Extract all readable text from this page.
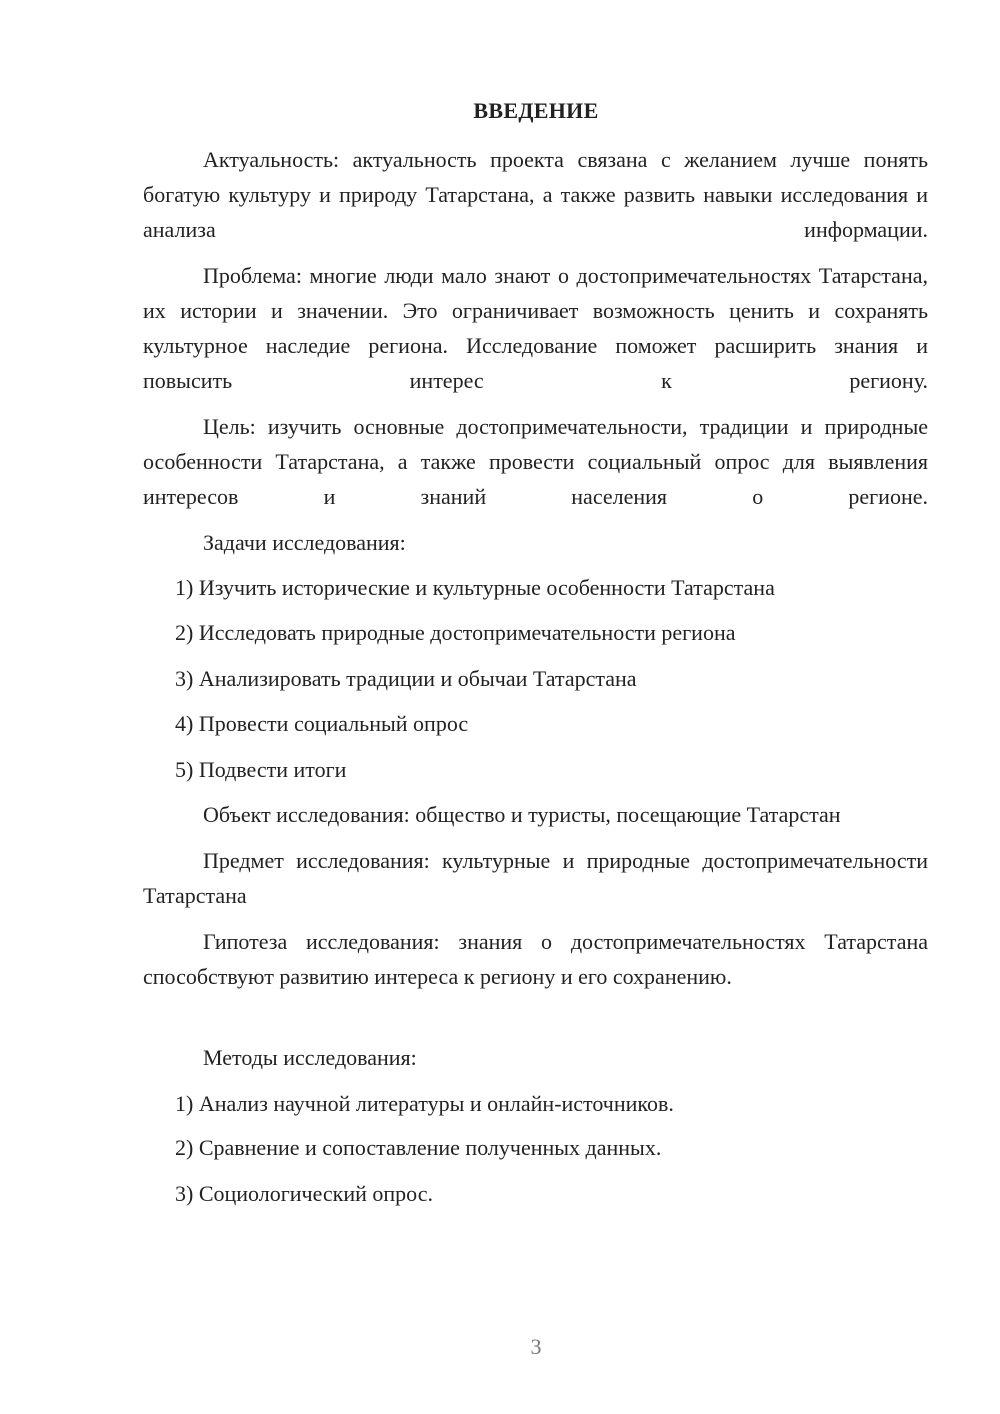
ВВЕДЕНИЕ

Актуальность: актуальность проекта связана с желанием лучше понять богатую культуру и природу Татарстана, а также развить навыки исследования и анализа информации.

Проблема: многие люди мало знают о достопримечательностях Татарстана, их истории и значении. Это ограничивает возможность ценить и сохранять культурное наследие региона. Исследование поможет расширить знания и повысить интерес к региону.

Цель: изучить основные достопримечательности, традиции и природные особенности Татарстана, а также провести социальный опрос для выявления интересов и знаний населения о регионе.

Задачи исследования:
1) Изучить исторические и культурные особенности Татарстана
2) Исследовать природные достопримечательности региона
3) Анализировать традиции и обычаи Татарстана
4) Провести социальный опрос
5) Подвести итоги
Объект исследования: общество и туристы, посещающие Татарстан

Предмет исследования: культурные и природные достопримечательности Татарстана

Гипотеза исследования: знания о достопримечательностях Татарстана способствуют развитию интереса к региону и его сохранению.

Методы исследования:
1) Анализ научной литературы и онлайн-источников.
2) Сравнение и сопоставление полученных данных.
3) Социологический опрос.
3
